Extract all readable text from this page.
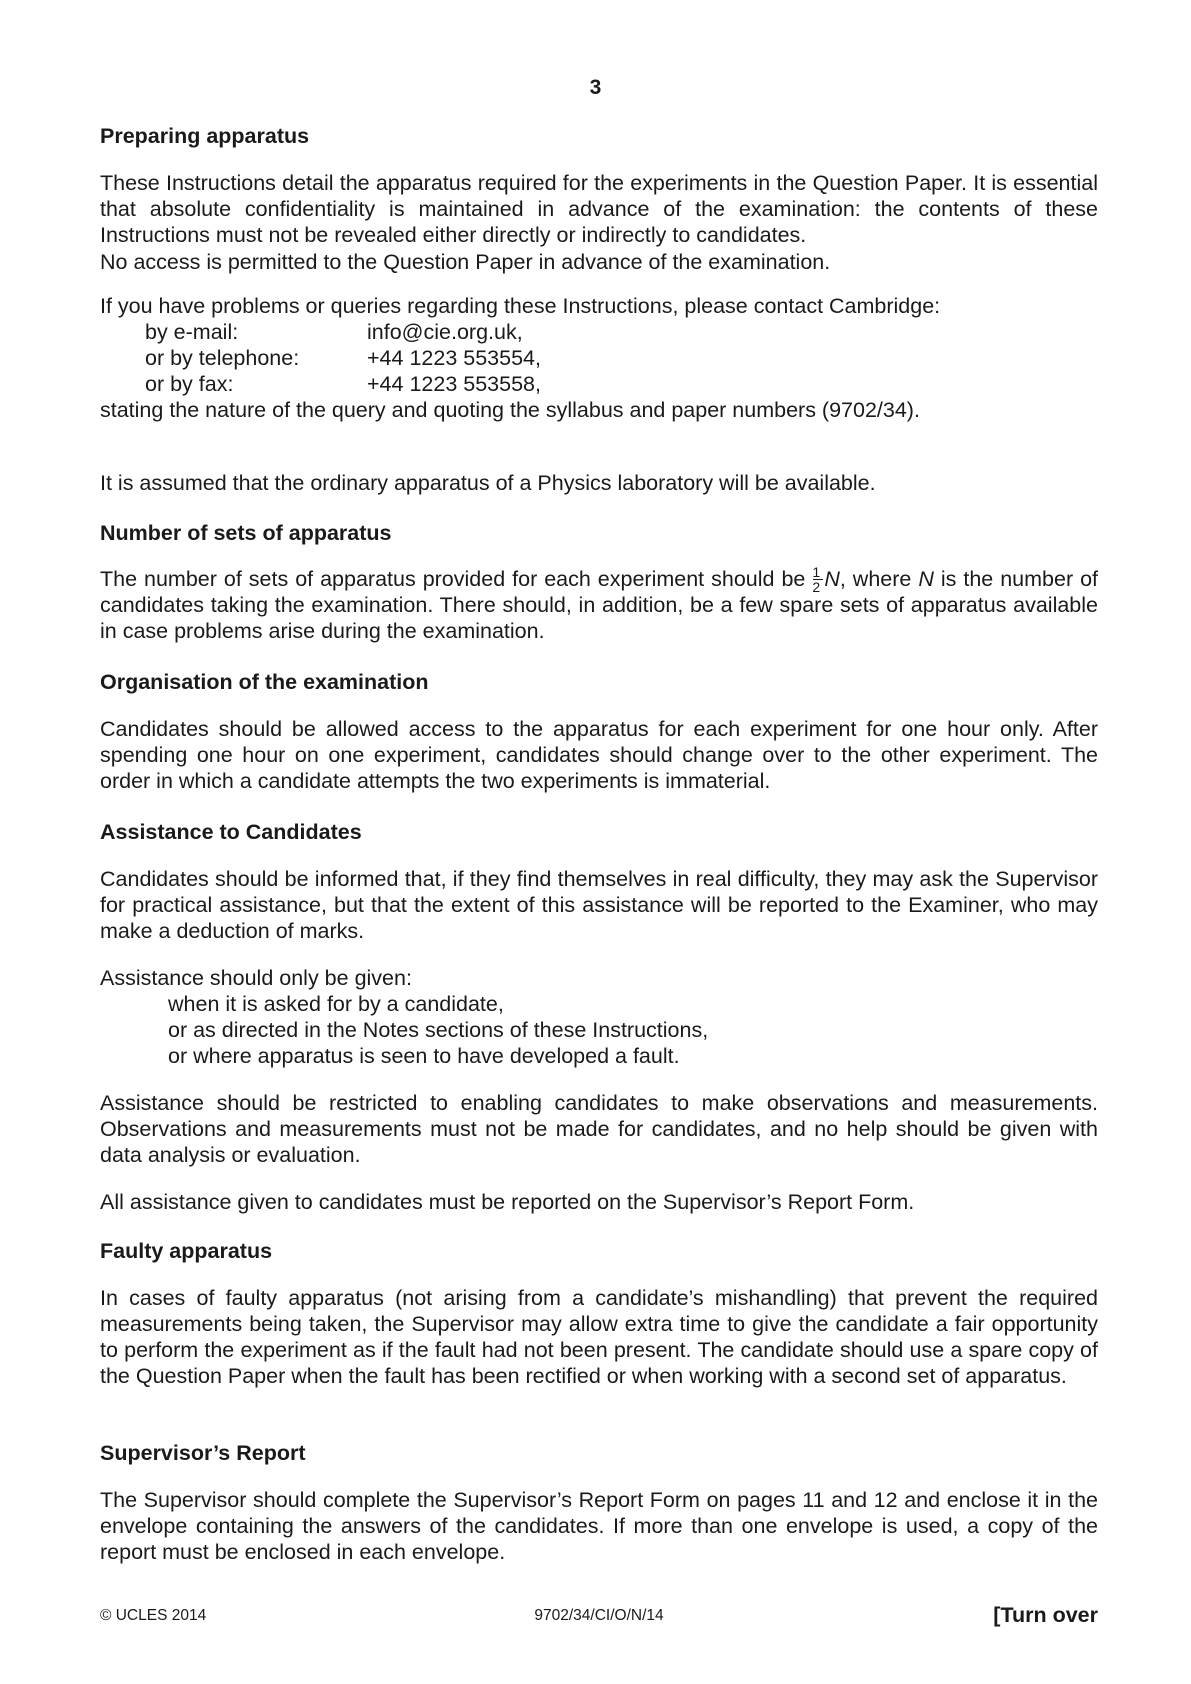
3
Preparing apparatus

These Instructions detail the apparatus required for the experiments in the Question Paper. It is essential that absolute confidentiality is maintained in advance of the examination: the contents of these Instructions must not be revealed either directly or indirectly to candidates.

No access is permitted to the Question Paper in advance of the examination.

If you have problems or queries regarding these Instructions, please contact Cambridge:

by e-mail:	info@cie.org.uk,
or by telephone:	+44 1223 553554,
or by fax:	+44 1223 553558,

stating the nature of the query and quoting the syllabus and paper numbers (9702/34).

It is assumed that the ordinary apparatus of a Physics laboratory will be available.

Number of sets of apparatus

The number of sets of apparatus provided for each experiment should be $\frac{1}{2} N$, where N is the number of candidates taking the examination. There should, in addition, be a few spare sets of apparatus available in case problems arise during the examination.

Organisation of the examination

Candidates should be allowed access to the apparatus for each experiment for one hour only. After spending one hour on one experiment, candidates should change over to the other experiment. The order in which a candidate attempts the two experiments is immaterial.

Assistance to Candidates

Candidates should be informed that, if they find themselves in real difficulty, they may ask the Supervisor for practical assistance, but that the extent of this assistance will be reported to the Examiner, who may make a deduction of marks.

Assistance should only be given:

when it is asked for by a candidate,
or as directed in the Notes sections of these Instructions,
or where apparatus is seen to have developed a fault.

Assistance should be restricted to enabling candidates to make observations and measurements. Observations and measurements must not be made for candidates, and no help should be given with data analysis or evaluation.

All assistance given to candidates must be reported on the Supervisor’s Report Form.

Faulty apparatus

In cases of faulty apparatus (not arising from a candidate’s mishandling) that prevent the required measurements being taken, the Supervisor may allow extra time to give the candidate a fair opportunity to perform the experiment as if the fault had not been present. The candidate should use a spare copy of the Question Paper when the fault has been rectified or when working with a second set of apparatus.

Supervisor’s Report

The Supervisor should complete the Supervisor’s Report Form on pages 11 and 12 and enclose it in the envelope containing the answers of the candidates. If more than one envelope is used, a copy of the report must be enclosed in each envelope.

© UCLES 2014	9702/34/CI/O/N/14	[Turn over
